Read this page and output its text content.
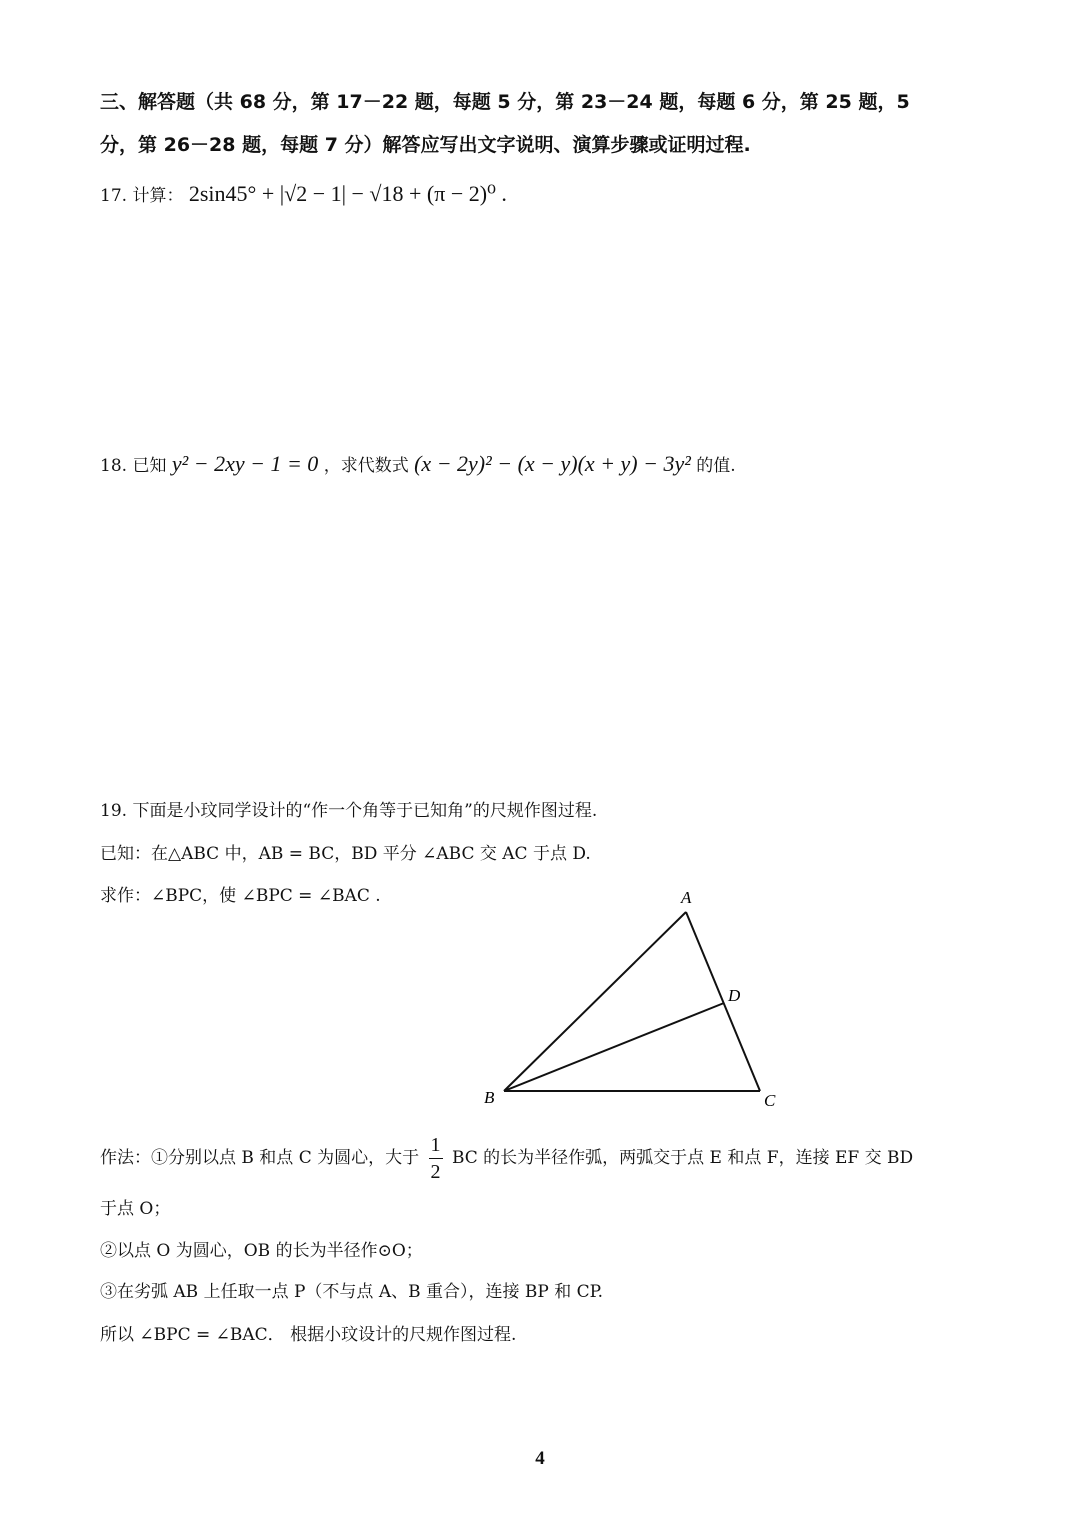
三、解答题（共 68 分，第 17－22 题，每题 5 分，第 23－24 题，每题 6 分，第 25 题，5
分，第 26－28 题，每题 7 分）解答应写出文字说明、演算步骤或证明过程.
17. 计算： 2sin45° + |√2 − 1| − √18 + (π − 2)⁰ .
18. 已知 y² − 2xy − 1 = 0 ，求代数式 (x − 2y)² − (x − y)(x + y) − 3y² 的值.
19. 下面是小玟同学设计的“作一个角等于已知角”的尺规作图过程.
已知：在△ABC 中，AB = BC，BD 平分 ∠ABC 交 AC 于点 D.
求作：∠BPC，使 ∠BPC = ∠BAC .	A
B	C
D
作法：①分别以点 B 和点 C 为圆心，大于 $\frac{1}{2}$ BC 的长为半径作弧，两弧交于点 E 和点 F，连接 EF 交 BD
于点 O；
②以点 O 为圆心，OB 的长为半径作⊙O；
③在劣弧 AB 上任取一点 P（不与点 A、B 重合），连接 BP 和 CP.
所以 ∠BPC = ∠BAC． 根据小玟设计的尺规作图过程.
4
